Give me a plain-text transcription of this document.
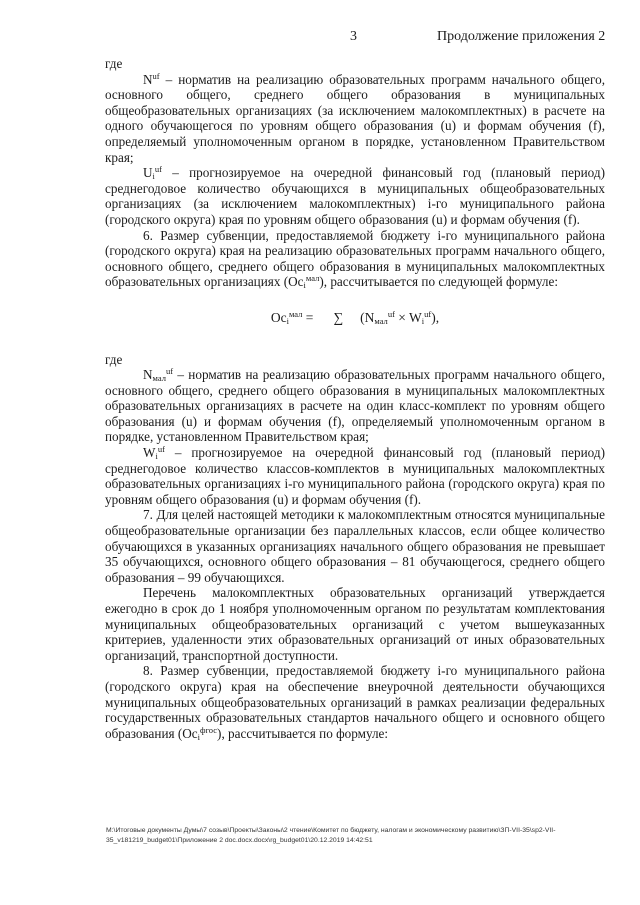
3	Продолжение приложения 2

где

$N^{uf}$ – норматив на реализацию образовательных программ начального общего, основного общего, среднего общего образования в муниципальных общеобразовательных организациях (за исключением малокомплектных) в расчете на одного обучающегося по уровням общего образования (u) и формам обучения (f), определяемый уполномоченным органом в порядке, установленном Правительством края;

$U_i^{uf}$ – прогнозируемое на очередной финансовый год (плановый период) среднегодовое количество обучающихся в муниципальных общеобразовательных организациях (за исключением малокомплектных) i-го муниципального района (городского округа) края по уровням общего образования (u) и формам обучения (f).

6. Размер субвенции, предоставляемой бюджету i-го муниципального района (городского округа) края на реализацию образовательных программ начального общего, основного общего, среднего общего образования в муниципальных малокомплектных образовательных организациях $(Ос_i^{мал})$, рассчитывается по следующей формуле:

$Ос_i^{мал}$ =      ∑     $(N_{мал}^{uf} \times W_i^{uf})$,

где

$N_{мал}^{uf}$ – норматив на реализацию образовательных программ начального общего, основного общего, среднего общего образования в муниципальных малокомплектных образовательных организациях в расчете на один класс-комплект по уровням общего образования (u) и формам обучения (f), определяемый уполномоченным органом в порядке, установленном Правительством края;

$W_i^{uf}$ – прогнозируемое на очередной финансовый год (плановый период) среднегодовое количество классов-комплектов в муниципальных малокомплектных образовательных организациях i-го муниципального района (городского округа) края по уровням общего образования (u) и формам обучения (f).

7. Для целей настоящей методики к малокомплектным относятся муниципальные общеобразовательные организации без параллельных классов, если общее количество обучающихся в указанных организациях начального общего образования не превышает 35 обучающихся, основного общего образования – 81 обучающегося, среднего общего образования – 99 обучающихся.

Перечень малокомплектных образовательных организаций утверждается ежегодно в срок до 1 ноября уполномоченным органом по результатам комплектования муниципальных общеобразовательных организаций с учетом вышеуказанных критериев, удаленности этих образовательных организаций от иных образовательных организаций, транспортной доступности.

8. Размер субвенции, предоставляемой бюджету i-го муниципального района (городского округа) края на обеспечение внеурочной деятельности обучающихся муниципальных общеобразовательных организаций в рамках реализации федеральных государственных образовательных стандартов начального общего и основного общего образования $(Ос_i^{фгос})$, рассчитывается по формуле:

М:\Итоговые документы Думы\7 созыв\Проекты\Законы\2 чтение\Комитет по бюджету, налогам и экономическому развитию\ЗП-VII-35\sp2-VII-35_v181219_budget01\Приложение 2 doc.docx.docx\rg_budget01\20.12.2019 14:42:51
